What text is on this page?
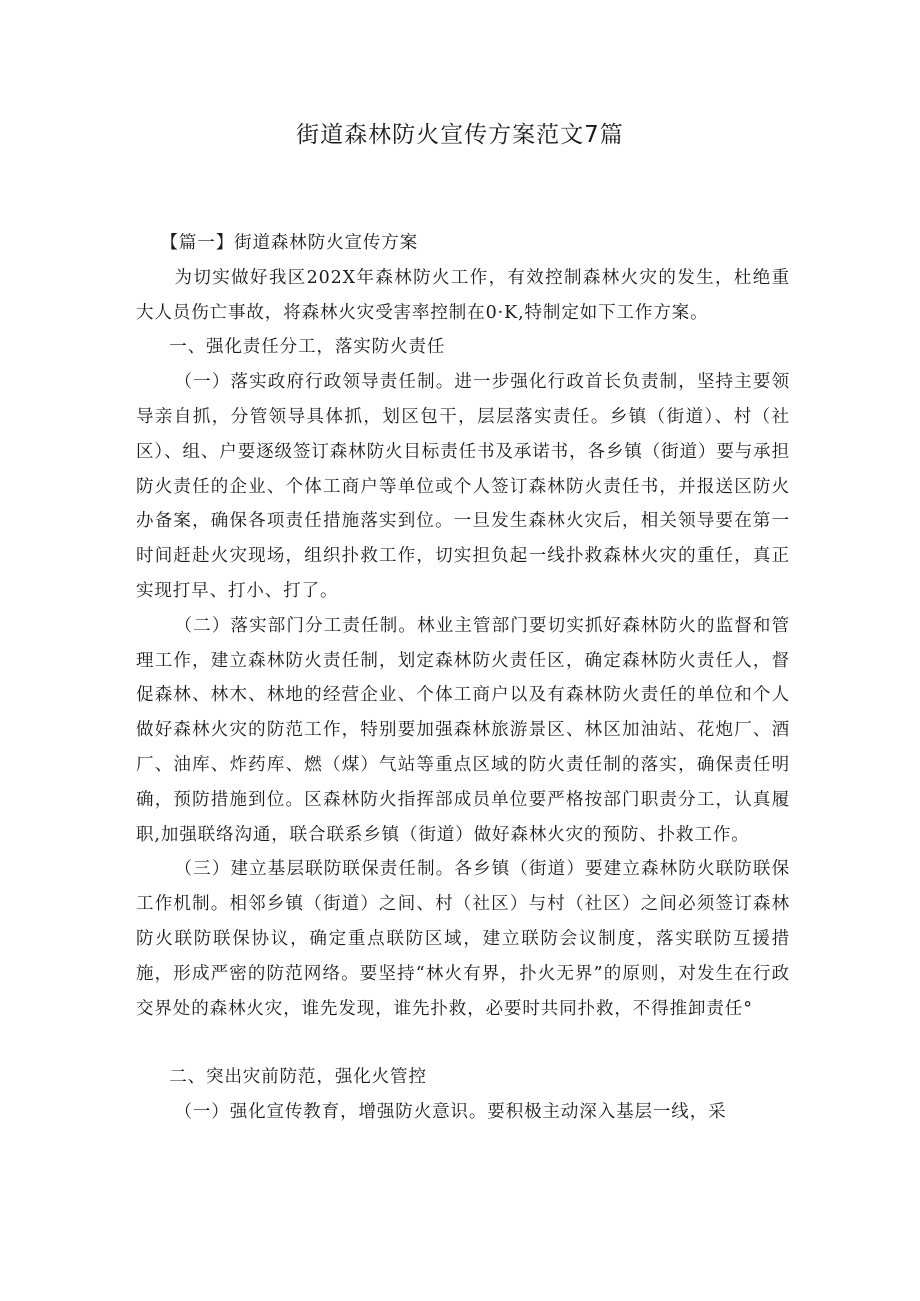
街道森林防火宣传方案范文7篇

【篇一】街道森林防火宣传方案

为切实做好我区202X年森林防火工作，有效控制森林火灾的发生，杜绝重大人员伤亡事故，将森林火灾受害率控制在0·K,特制定如下工作方案。

一、强化责任分工，落实防火责任

（一）落实政府行政领导责任制。进一步强化行政首长负责制，坚持主要领导亲自抓，分管领导具体抓，划区包干，层层落实责任。乡镇（街道）、村（社区）、组、户要逐级签订森林防火目标责任书及承诺书，各乡镇（街道）要与承担防火责任的企业、个体工商户等单位或个人签订森林防火责任书，并报送区防火办备案，确保各项责任措施落实到位。一旦发生森林火灾后，相关领导要在第一时间赶赴火灾现场，组织扑救工作，切实担负起一线扑救森林火灾的重任，真正实现打早、打小、打了。

（二）落实部门分工责任制。林业主管部门要切实抓好森林防火的监督和管理工作，建立森林防火责任制，划定森林防火责任区，确定森林防火责任人，督促森林、林木、林地的经营企业、个体工商户以及有森林防火责任的单位和个人做好森林火灾的防范工作，特别要加强森林旅游景区、林区加油站、花炮厂、酒厂、油库、炸药库、燃（煤）气站等重点区域的防火责任制的落实，确保责任明确，预防措施到位。区森林防火指挥部成员单位要严格按部门职责分工，认真履职,加强联络沟通，联合联系乡镇（街道）做好森林火灾的预防、扑救工作。

（三）建立基层联防联保责任制。各乡镇（街道）要建立森林防火联防联保工作机制。相邻乡镇（街道）之间、村（社区）与村（社区）之间必须签订森林防火联防联保协议，确定重点联防区域，建立联防会议制度，落实联防互援措施，形成严密的防范网络。要坚持“林火有界，扑火无界”的原则，对发生在行政交界处的森林火灾，谁先发现，谁先扑救，必要时共同扑救，不得推卸责任°

二、突出灾前防范，强化火管控

（一）强化宣传教育，增强防火意识。要积极主动深入基层一线，采
